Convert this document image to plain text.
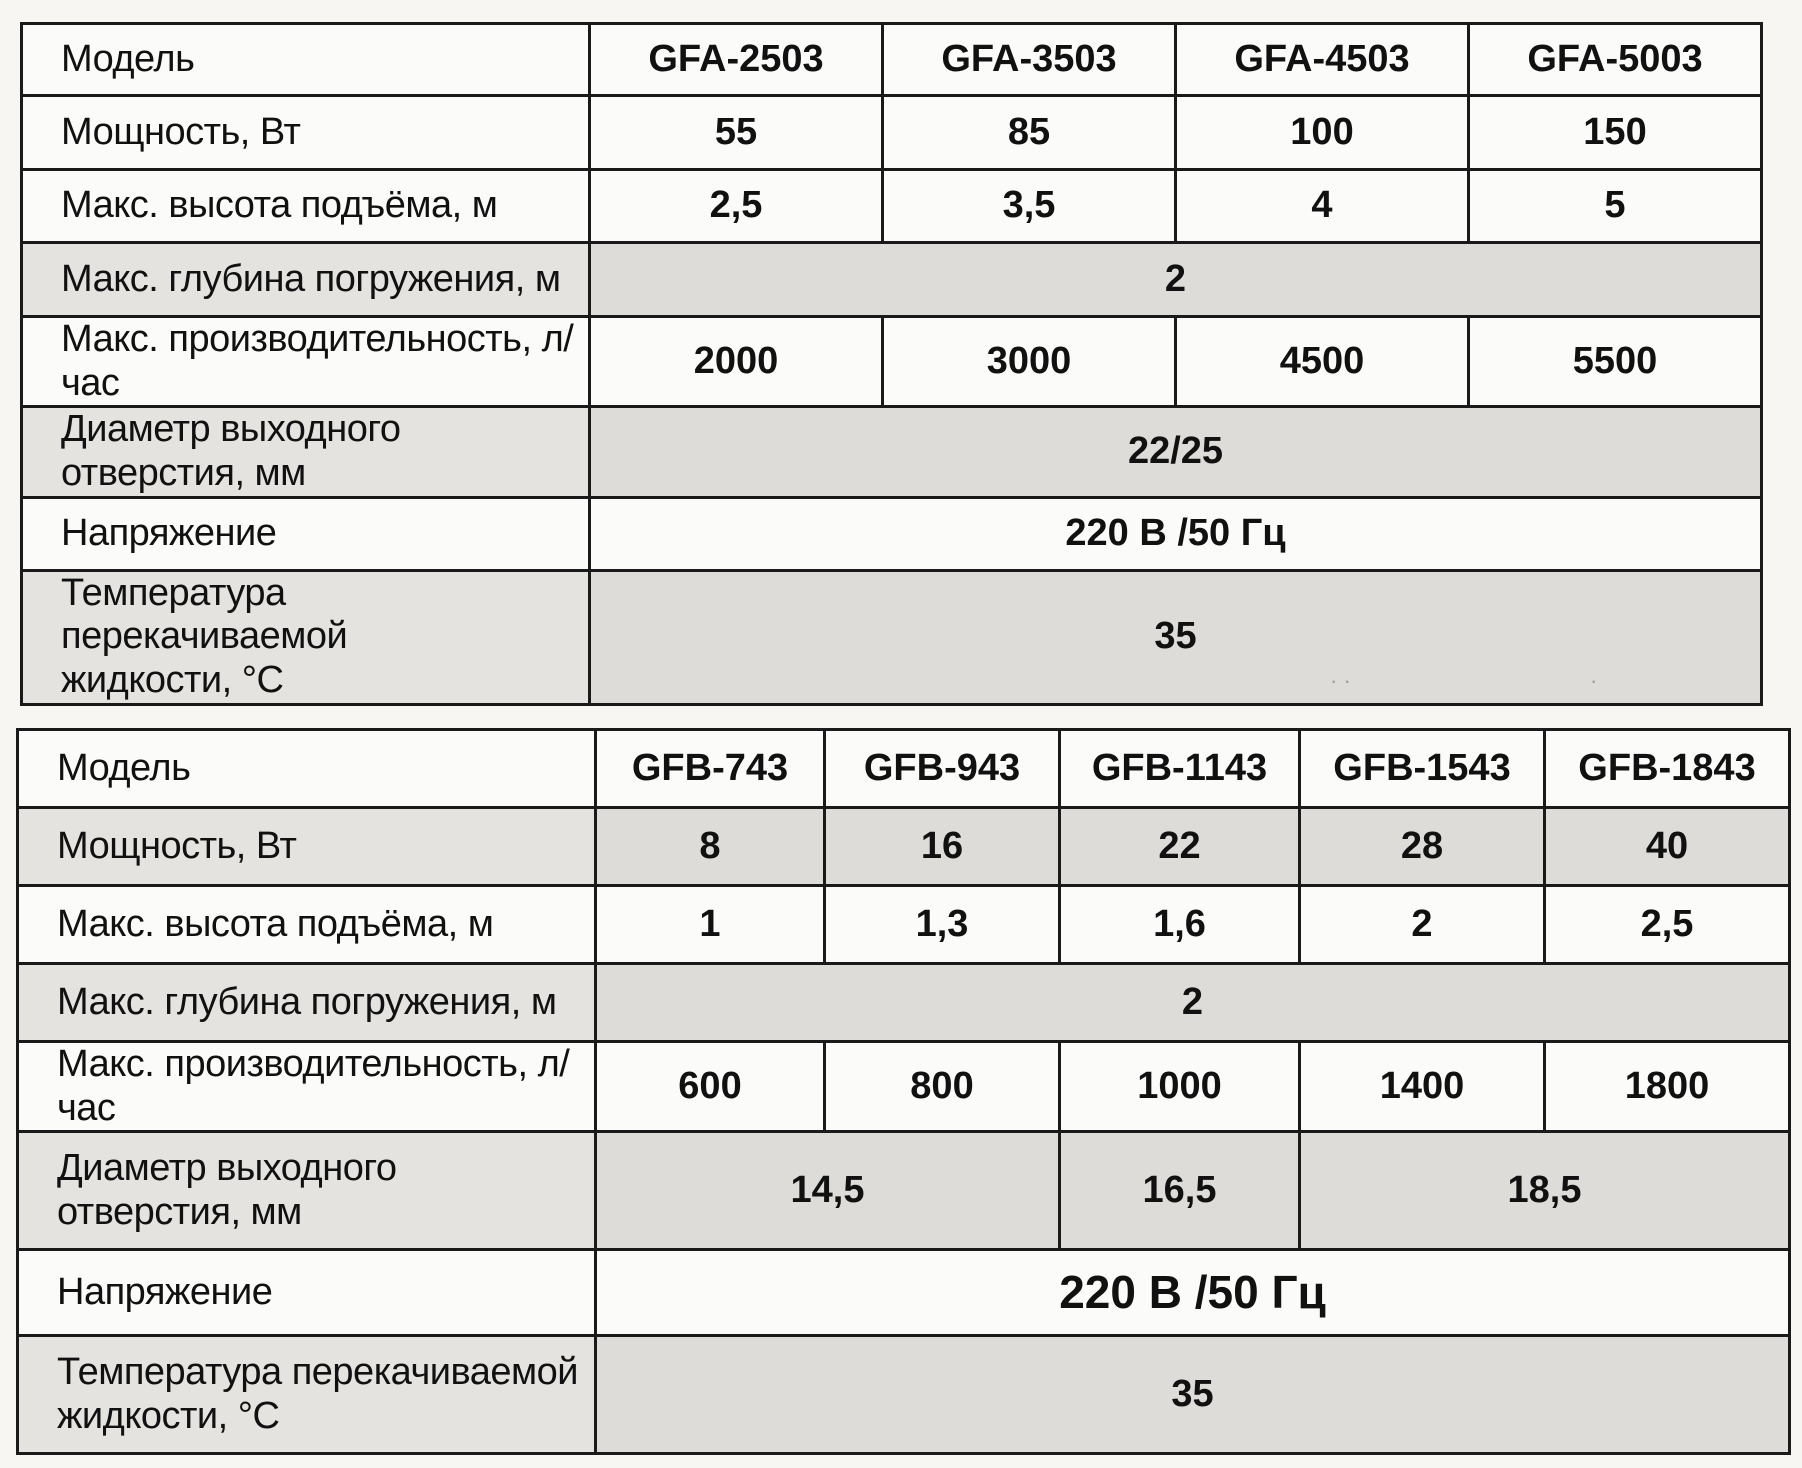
Модель	GFA-2503	GFA-3503	GFA-4503	GFA-5003
Мощность, Вт	55	85	100	150
Макс. высота подъёма, м	2,5	3,5	4	5
Макс. глубина погружения, м	2			
Макс. производительность, л/час	2000	3000	4500	5500
Диаметр выходного отверстия, мм	22/25			
Напряжение	220 В /50 Гц			
Температура перекачиваемой
жидкости, °С	35			
· ·	·
Модель	GFB-743	GFB-943	GFB-1143	GFB-1543	GFB-1843
Мощность, Вт	8	16	22	28	40
Макс. высота подъёма, м	1	1,3	1,6	2	2,5
Макс. глубина погружения, м	2				
Макс. производительность, л/час	600	800	1000	1400	1800
Диаметр выходного отверстия, мм	14,5		16,5	18,5	
Напряжение	220 В /50 Гц				
Температура перекачиваемой
жидкости, °С	35				
